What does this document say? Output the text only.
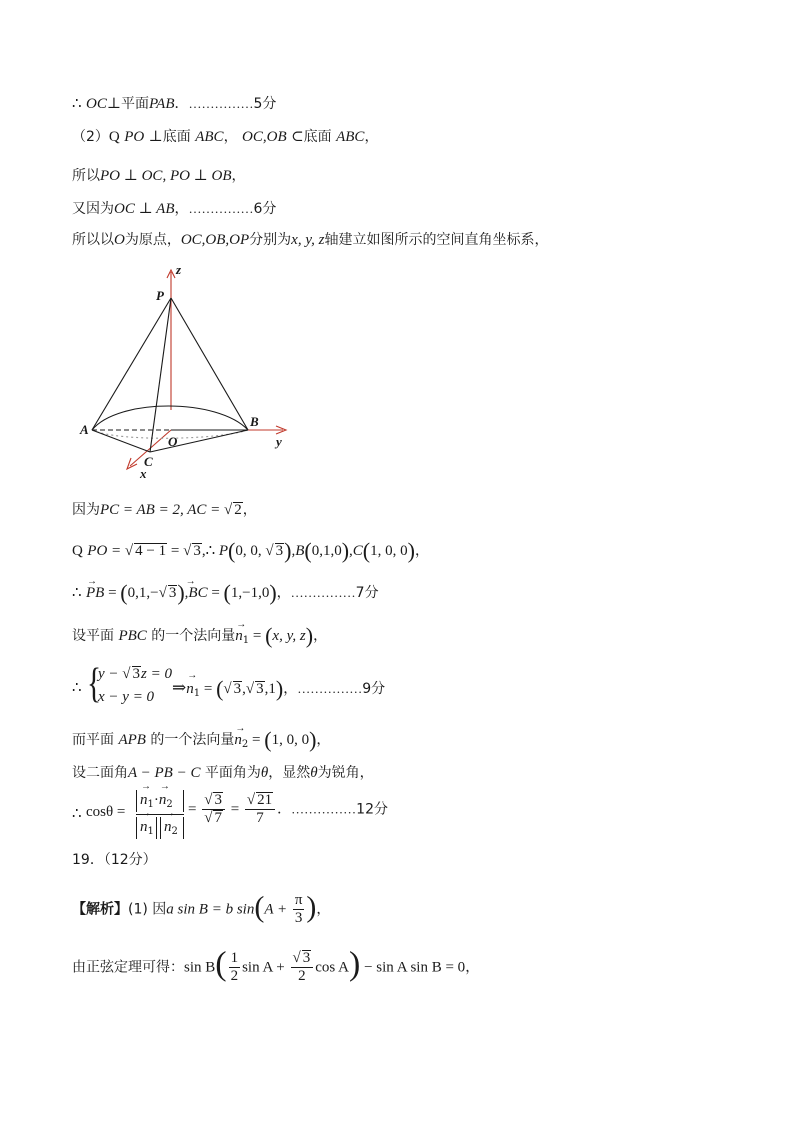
∴ OC⊥平面PAB．……………5分
（2）Q PO ⊥底面 ABC， OC,OB ⊂底面 ABC，
所以PO ⊥ OC, PO ⊥ OB，
又因为OC ⊥ AB，……………6分
所以以O为原点，OC,OB,OP分别为x, y, z轴建立如图所示的空间直角坐标系，
z
P
A
O
B
y
C
x
因为PC = AB = 2, AC = √ 2，
Q PO = √ 4 − 1 = √ 3,∴ P(0, 0, √ 3),B(0,1,0),C(1, 0, 0)，
∴ → PB = (0,1,−√ 3)→ ,BC = (1,−1,0)，……………7分
设平面 PBC 的一个法向量→ $n_1 = (x$, y, z)，
∴ {
y − √ 3z = 0
x − y = 0 ⇒→ $n_1$ = (√ 3,√ 3,1)，……………9分
而平面 APB 的一个法向量→ $n_2 = (1$, 0, 0)，
设二面角A − PB − C 平面角为θ，显然θ为锐角，
∴ cosθ =
→ $n_1\cdot\to n_2$
→ $n_1$
→ $n_2$
= $\frac{√ 3}{√ 7} = \frac{√ 21}{7}$ ．……………12分
19．（12分）
【解析】(1) 因a sin B = b $\sin(A + \frac{\pi}{3}$ )，
由正弦定理可得：$\sin B( \frac{1}{2}$ $\sin A + \frac{√ 3}{2}$ cos A) − sin A sin B = 0，
